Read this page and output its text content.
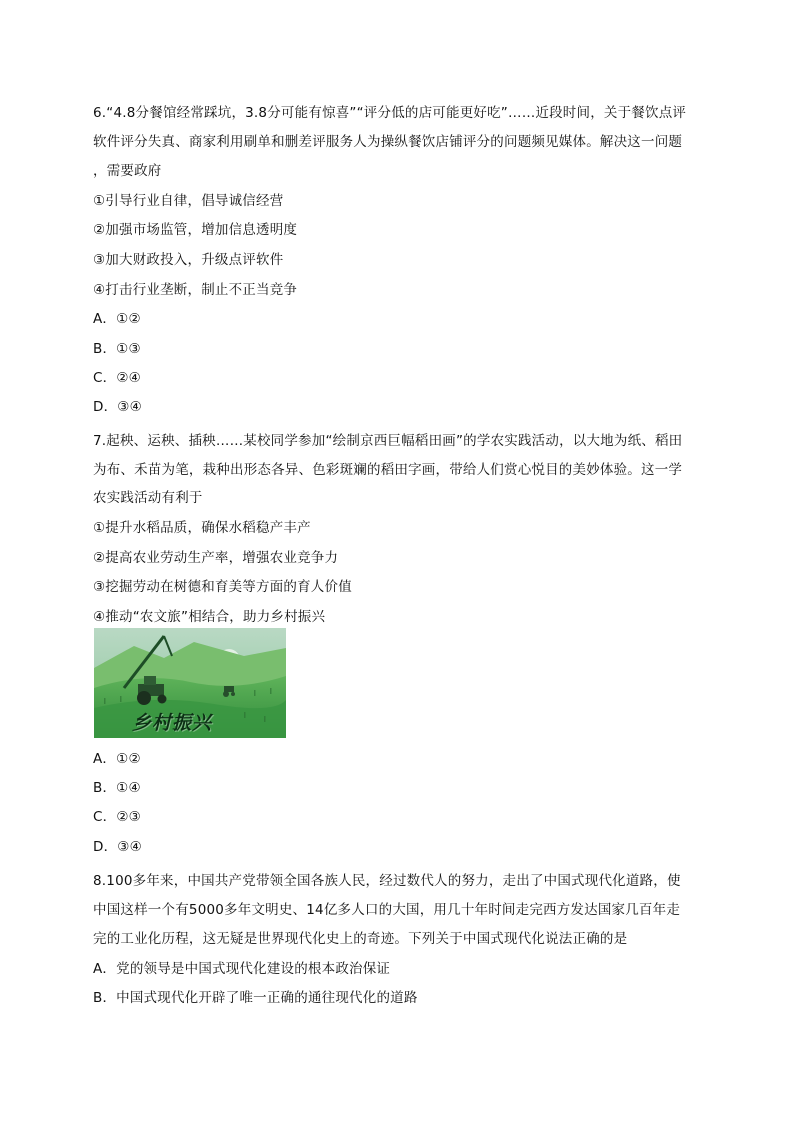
6.“4.8分餐馆经常踩坑，3.8分可能有惊喜”“评分低的店可能更好吃”……近段时间，关于餐饮点评
软件评分失真、商家利用刷单和删差评服务人为操纵餐饮店铺评分的问题频见媒体。解决这一问题
，需要政府
①引导行业自律，倡导诚信经营
②加强市场监管，增加信息透明度
③加大财政投入，升级点评软件
④打击行业垄断，制止不正当竞争
A．①②
B．①③
C．②④
D．③④
7.起秧、运秧、插秧……某校同学参加“绘制京西巨幅稻田画”的学农实践活动，以大地为纸、稻田
为布、禾苗为笔，栽种出形态各异、色彩斑斓的稻田字画，带给人们赏心悦目的美妙体验。这一学
农实践活动有利于
①提升水稻品质，确保水稻稳产丰产
②提高农业劳动生产率，增强农业竞争力
③挖掘劳动在树德和育美等方面的育人价值
④推动“农文旅”相结合，助力乡村振兴
乡村振兴
A．①②
B．①④
C．②③
D．③④
8.100多年来，中国共产党带领全国各族人民，经过数代人的努力，走出了中国式现代化道路，使
中国这样一个有5000多年文明史、14亿多人口的大国，用几十年时间走完西方发达国家几百年走
完的工业化历程，这无疑是世界现代化史上的奇迹。下列关于中国式现代化说法正确的是
A．党的领导是中国式现代化建设的根本政治保证
B．中国式现代化开辟了唯一正确的通往现代化的道路
